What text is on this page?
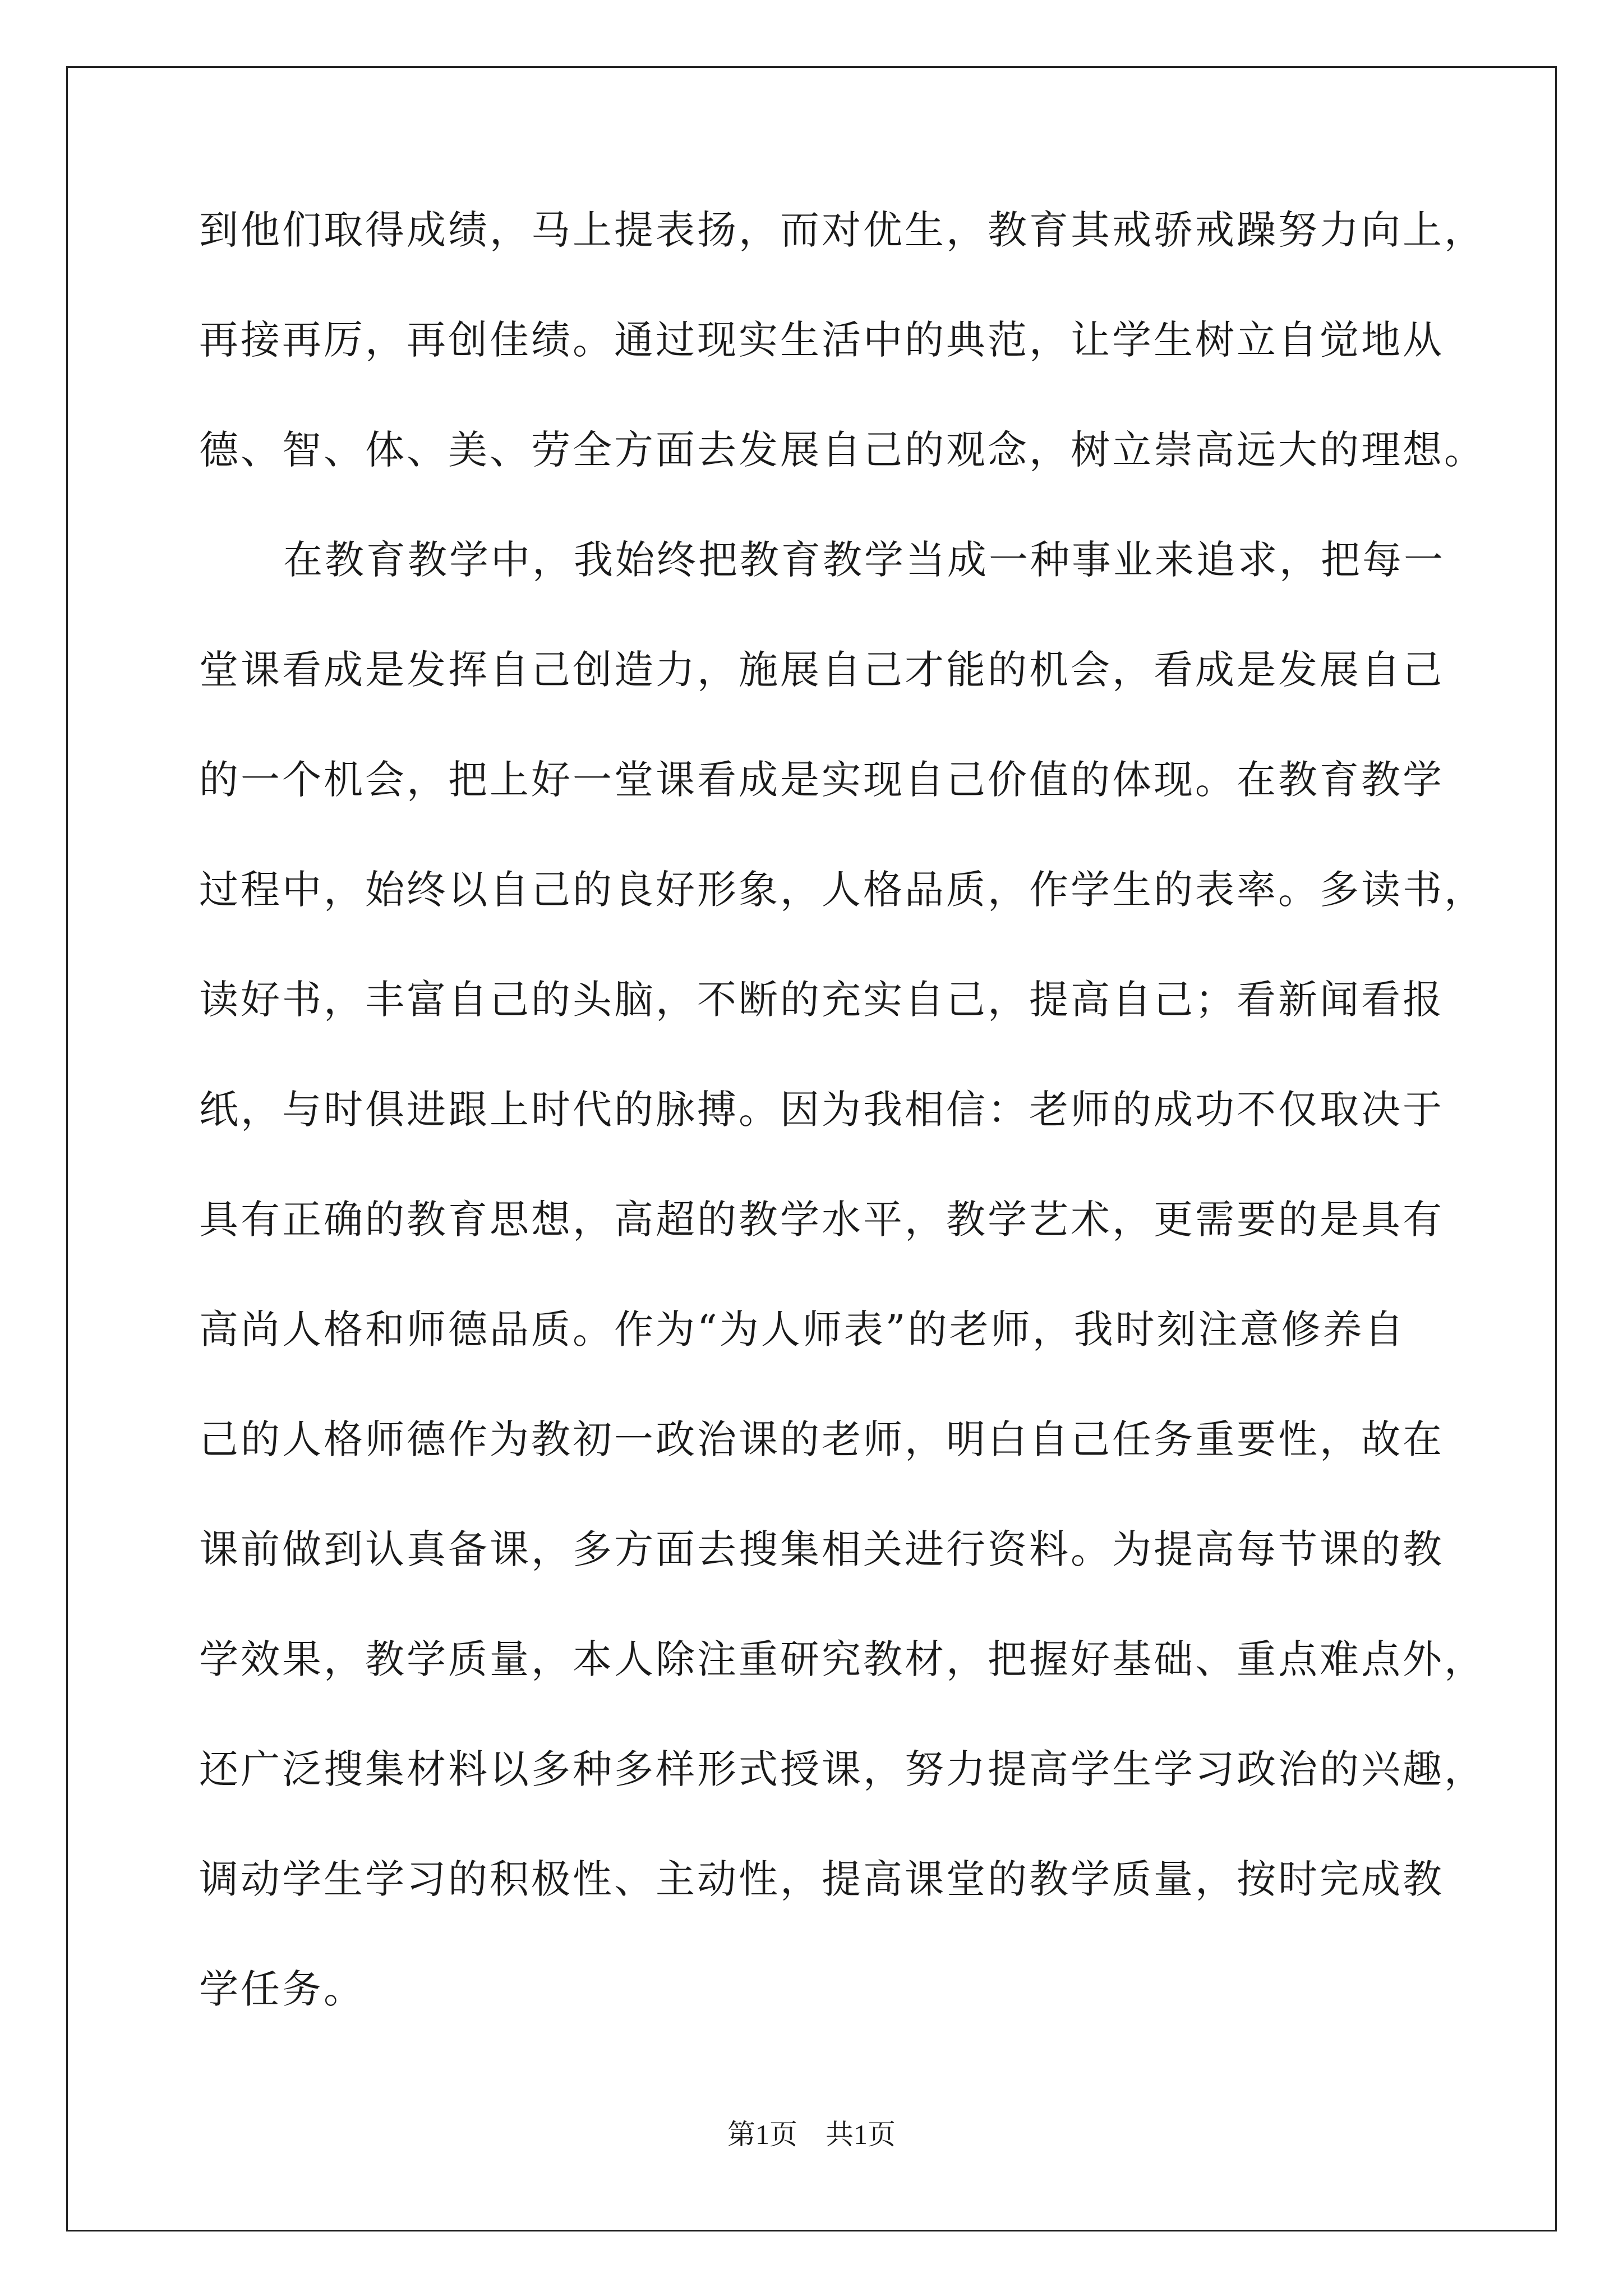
到他们取得成绩，马上提表扬，而对优生，教育其戒骄戒躁努力向上，
再接再厉，再创佳绩。通过现实生活中的典范，让学生树立自觉地从
德、智、体、美、劳全方面去发展自己的观念，树立崇高远大的理想。
在教育教学中，我始终把教育教学当成一种事业来追求，把每一
堂课看成是发挥自己创造力，施展自己才能的机会，看成是发展自己
的一个机会，把上好一堂课看成是实现自己价值的体现。在教育教学
过程中，始终以自己的良好形象，人格品质，作学生的表率。多读书，
读好书，丰富自己的头脑，不断的充实自己，提高自己；看新闻看报
纸，与时俱进跟上时代的脉搏。因为我相信：老师的成功不仅取决于
具有正确的教育思想，高超的教学水平，教学艺术，更需要的是具有
高尚人格和师德品质。作为“为人师表”的老师，我时刻注意修养自
己的人格师德作为教初一政治课的老师，明白自己任务重要性，故在
课前做到认真备课，多方面去搜集相关进行资料。为提高每节课的教
学效果，教学质量，本人除注重研究教材，把握好基础、重点难点外，
还广泛搜集材料以多种多样形式授课，努力提高学生学习政治的兴趣，
调动学生学习的积极性、主动性，提高课堂的教学质量，按时完成教
学任务。
第1页　共1页
